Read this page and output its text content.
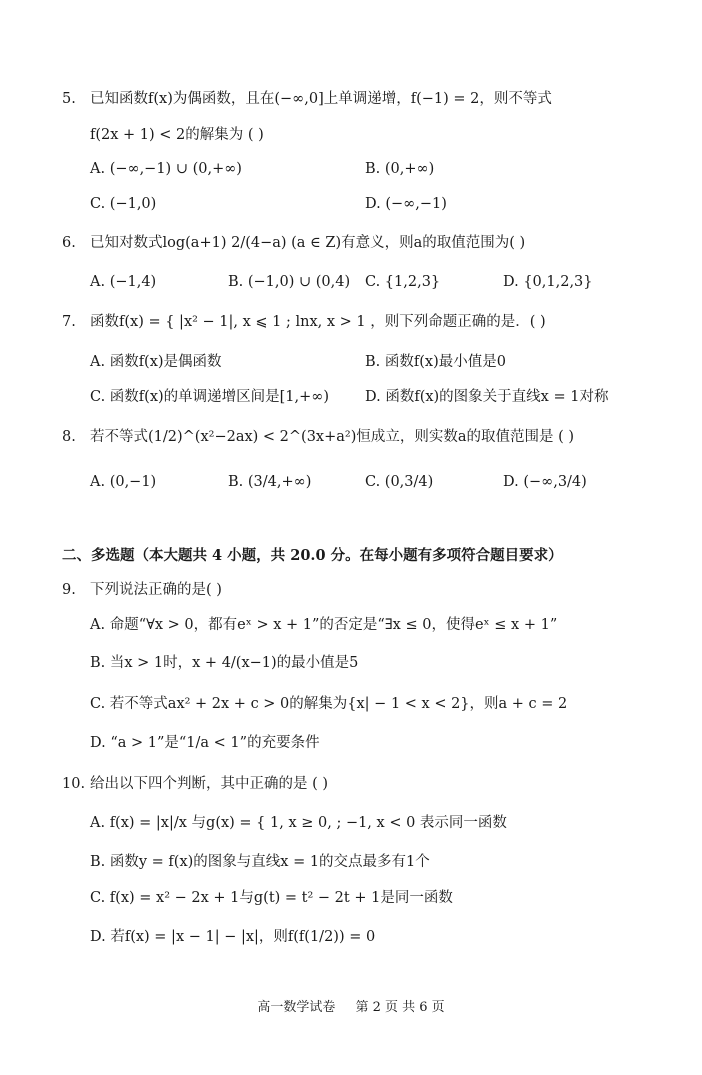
5. 已知函数f(x)为偶函数，且在(−∞,0]上单调递增，f(−1) = 2，则不等式
f(2x + 1) < 2的解集为 ( )
A. (−∞,−1) ∪ (0,+∞)	B. (0,+∞)
C. (−1,0)	D. (−∞,−1)
6. 已知对数式log(a+1) 2/(4−a) (a ∈ Z)有意义，则a的取值范围为( )
A. (−1,4)	B. (−1,0) ∪ (0,4) C. {1,2,3}	D. {0,1,2,3}
7. 函数f(x) = { |x² − 1|, x ⩽ 1 ; lnx, x > 1 ，则下列命题正确的是．( )
A. 函数f(x)是偶函数	B. 函数f(x)最小值是0
C. 函数f(x)的单调递增区间是[1,+∞) D. 函数f(x)的图象关于直线x = 1对称
8. 若不等式(1/2)^(x²−2ax) < 2^(3x+a²)恒成立，则实数a的取值范围是 ( )
A. (0,−1)	B. (3/4,+∞)	C. (0,3/4)	D. (−∞,3/4)
二、多选题（本大题共 4 小题，共 20.0 分。在每小题有多项符合题目要求）
9. 下列说法正确的是( )
A. 命题“∀x > 0，都有eˣ > x + 1”的否定是“∃x ≤ 0，使得eˣ ≤ x + 1”
B. 当x > 1时，x + 4/(x−1)的最小值是5
C. 若不等式ax² + 2x + c > 0的解集为{x| − 1 < x < 2}，则a + c = 2
D. “a > 1”是“1/a < 1”的充要条件
10. 给出以下四个判断，其中正确的是 ( )
A. f(x) = |x|/x 与g(x) = { 1, x ≥ 0, ; −1, x < 0 表示同一函数
B. 函数y = f(x)的图象与直线x = 1的交点最多有1个
C. f(x) = x² − 2x + 1与g(t) = t² − 2t + 1是同一函数
D. 若f(x) = |x − 1| − |x|，则f(f(1/2)) = 0
高一数学试卷 第 2 页 共 6 页
